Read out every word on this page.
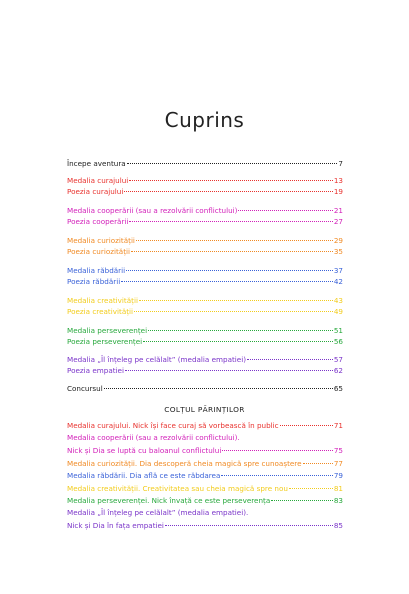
Cuprins
Începe aventura	7
Medalia curajului	13
Poezia curajului	19
Medalia cooperării (sau a rezolvării conflictului)	21
Poezia cooperării	27
Medalia curiozității	29
Poezia curiozității	35
Medalia răbdării	37
Poezia răbdării	42
Medalia creativității	43
Poezia creativității	49
Medalia perseverenței	51
Poezia perseverenței	56
Medalia „Îl înțeleg pe celălalt” (medalia empatiei)	57
Poezia empatiei	62
Concursul	65
COLȚUL PĂRINȚILOR
Medalia curajului. Nick își face curaj să vorbească în public	71
Medalia cooperării (sau a rezolvării conflictului).
Nick și Dia se luptă cu baloanul conflictului	75
Medalia curiozității. Dia descoperă cheia magică spre cunoaștere	77
Medalia răbdării. Dia află ce este răbdarea	79
Medalia creativității. Creativitatea sau cheia magică spre nou	81
Medalia perseverenței. Nick învață ce este perseverența	83
Medalia „Îl înțeleg pe celălalt” (medalia empatiei).
Nick și Dia în fața empatiei	85
